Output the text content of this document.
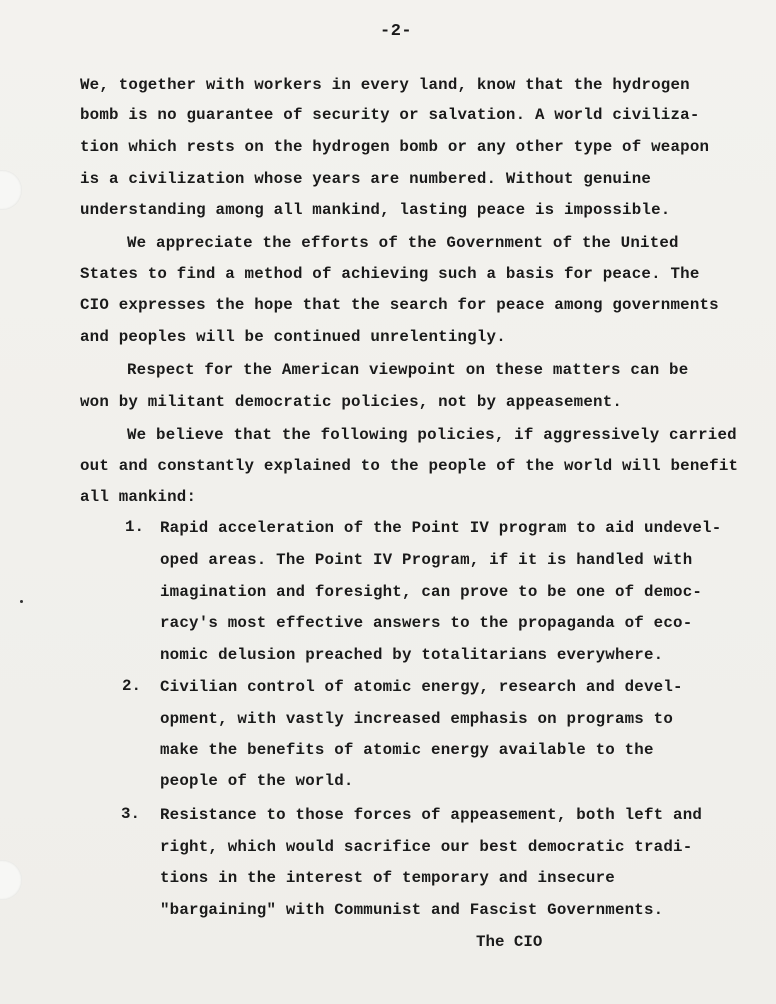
-2-
We, together with workers in every land, know that the hydrogen
bomb is no guarantee of security or salvation. A world civiliza-
tion which rests on the hydrogen bomb or any other type of weapon
is a civilization whose years are numbered. Without genuine
understanding among all mankind, lasting peace is impossible.
We appreciate the efforts of the Government of the United
States to find a method of achieving such a basis for peace. The
CIO expresses the hope that the search for peace among governments
and peoples will be continued unrelentingly.
Respect for the American viewpoint on these matters can be
won by militant democratic policies, not by appeasement.
We believe that the following policies, if aggressively carried
out and constantly explained to the people of the world will benefit
all mankind:
1. Rapid acceleration of the Point IV program to aid undevel-
oped areas. The Point IV Program, if it is handled with
imagination and foresight, can prove to be one of democ-
racy's most effective answers to the propaganda of eco-
nomic delusion preached by totalitarians everywhere.
2. Civilian control of atomic energy, research and devel-
opment, with vastly increased emphasis on programs to
make the benefits of atomic energy available to the
people of the world.
3. Resistance to those forces of appeasement, both left and
right, which would sacrifice our best democratic tradi-
tions in the interest of temporary and insecure
"bargaining" with Communist and Fascist Governments.
The CIO
